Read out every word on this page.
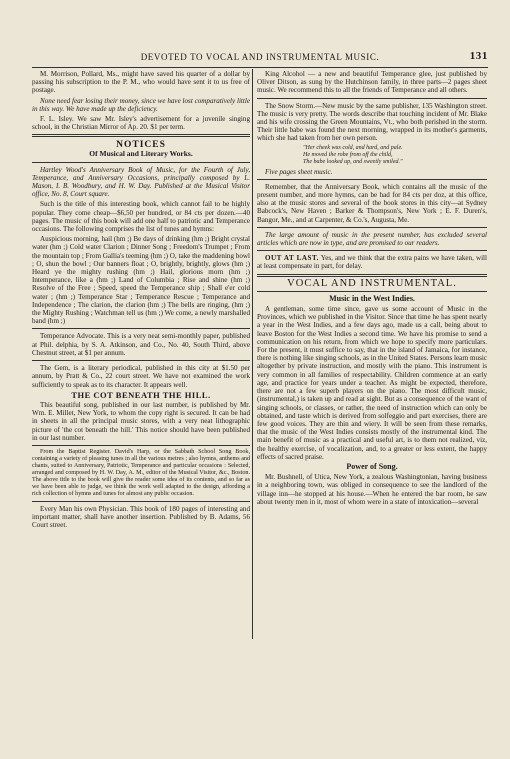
DEVOTED TO VOCAL AND INSTRUMENTAL MUSIC.	131

M. Morrison, Pollard, Ms., might have saved his quarter of a dollar by passing his subscription to the P. M., who would have sent it to us free of postage.

None need fear losing their money, since we have lost comparatively little in this way. We have made up the deficiency.

F. L. Isley. We saw Mr. Isley's advertisement for a juvenile singing school, in the Christian Mirror of Ap. 20. $1 per term.

NOTICES
Of Musical and Literary Works.

Hartley Wood's Anniversary Book of Music, for the Fourth of July, Temperance, and Anniversary Occasions, principally composed by L. Mason, I. B. Woodbury, and H. W. Day. Published at the Musical Visitor office, No. 8, Court square.

Such is the title of this interesting book, which cannot fail to be highly popular. They come cheap—$6,50 per hundred, or 84 cts per dozen.—40 pages. The music of this book will add one half to patriotic and Temperance occasions. The following comprises the list of tunes and hymns:

Auspicious morning, hail (hm ;) Be days of drinking (hm ;) Bright crystal water (hm ;) Cold water Clarion ; Dinner Song ; Freedom's Trumpet ; From the mountain top ; From Gallia's teeming (hm ;) O, take the maddening bowl ; O, shun the bowl ; Our banners float ; O, brightly, brightly, glows (hm ;) Heard ye the mighty rushing (hm ;) Hail, glorious morn (hm ;) Intemperance, like a (hm ;) Land of Columbia ; Rise and shine (hm ;) Resolve of the Free ; Speed, speed the Temperance ship ; Shall e'er cold water ; (hm ;) Temperance Star ; Temperance Rescue ; Temperance and Independence ; The clarion, the clarion (hm ;) The bells are ringing, (hm ;) the Mighty Rushing ; Watchman tell us (hm ;) We come, a newly marshalled band (hm ;)

Temperance Advocate. This is a very neat semi-monthly paper, published at Phil. delphia, by S. A. Atkinson, and Co., No. 40, South Third, above Chestnut street, at $1 per annum.

The Gem, is a literary periodical, published in this city at $1.50 per annum, by Pratt & Co., 22 court street. We have not examined the work sufficiently to speak as to its character. It appears well.

THE COT BENEATH THE HILL.

This beautiful song, published in our last number, is published by Mr. Wm. E. Millet, New York, to whom the copy right is secured. It can be had in sheets in all the principal music stores, with a very neat lithographic picture of 'the cot beneath the hill.' This notice should have been published in our last number.

From the Baptist Register. David's Harp, or the Sabbath School Song Book, containing a variety of pleasing tunes in all the various metres ; also hymns, anthems and chants, suited to Anniversary, Patriotic, Temperance and particular occasions : Selected, arranged and composed by H. W. Day, A. M., editor of the Musical Visitor, &c., Boston. The above title to the book will give the reader some idea of its contents, and so far as we have been able to judge, we think the work well adapted to the design, affording a rich collection of hymns and tunes for almost any public occasion.

Every Man his own Physician. This book of 180 pages of interesting and important matter, shall have another insertion. Published by B. Adams, 56 Court street.

King Alcohol — a new and beautiful Temperance glee, just published by Oliver Ditson, as sung by the Hutchinson family, in three parts—2 pages sheet music. We recommend this to all the friends of Temperance and all others.

The Snow Storm.—New music by the same publisher, 135 Washington street. The music is very pretty. The words describe that touching incident of Mr. Blake and his wife crossing the Green Mountains, Vt., who both perished in the storm. Their little babe was found the next morning, wrapped in its mother's garments, which she had taken from her own person.

"Her cheek was cold, and hard, and pale.
He moved the robe from off the child,
The babe looked up, and sweetly smiled."

Five pages sheet music.

Remember, that the Anniversary Book, which contains all the music of the present number, and more hymns, can be had for 84 cts per doz, at this office, also at the music stores and several of the book stores in this city—at Sydney Babcock's, New Haven ; Barker & Thompson's, New York ; E. F. Duren's, Bangor, Me., and at Carpenter, & Co.'s, Augusta, Me.

The large amount of music in the present number, has excluded several articles which are now in type, and are promised to our readers.

OUT AT LAST. Yes, and we think that the extra pains we have taken, will at least compensate in part, for delay.

VOCAL AND INSTRUMENTAL.
Music in the West Indies.

A gentleman, some time since, gave us some account of Music in the Provinces, which we published in the Visitor. Since that time he has spent nearly a year in the West Indies, and a few days ago, made us a call, being about to leave Boston for the West Indies a second time. We have his promise to send a communication on his return, from which we hope to specify more particulars. For the present, it must suffice to say, that in the island of Jamaica, for instance, there is nothing like singing schools, as in the United States. Persons learn music altogether by private instruction, and mostly with the piano. This instrument is very common in all families of respectability. Children commence at an early age, and practice for years under a teacher. As might be expected, therefore, there are not a few superb players on the piano. The most difficult music, (instrumental,) is taken up and read at sight. But as a consequence of the want of singing schools, or classes, or rather, the need of instruction which can only be obtained, and taste which is derived from solfeggio and part exercises, there are few good voices. They are thin and wiery. It will be seen from these remarks, that the music of the West Indies consists mostly of the instrumental kind. The main benefit of music as a practical and useful art, is to them not realized, viz, the healthy exercise, of vocalization, and, to a greater or less extent, the happy effects of sacred praise.

Power of Song.

Mr. Bushnell, of Utica, New York, a zealous Washingtonian, having business in a neighboring town, was obliged in consequence to see the landlord of the village inn—he stopped at his house.—When he entered the bar room, he saw about twenty men in it, most of whom were in a state of intoxication—several
